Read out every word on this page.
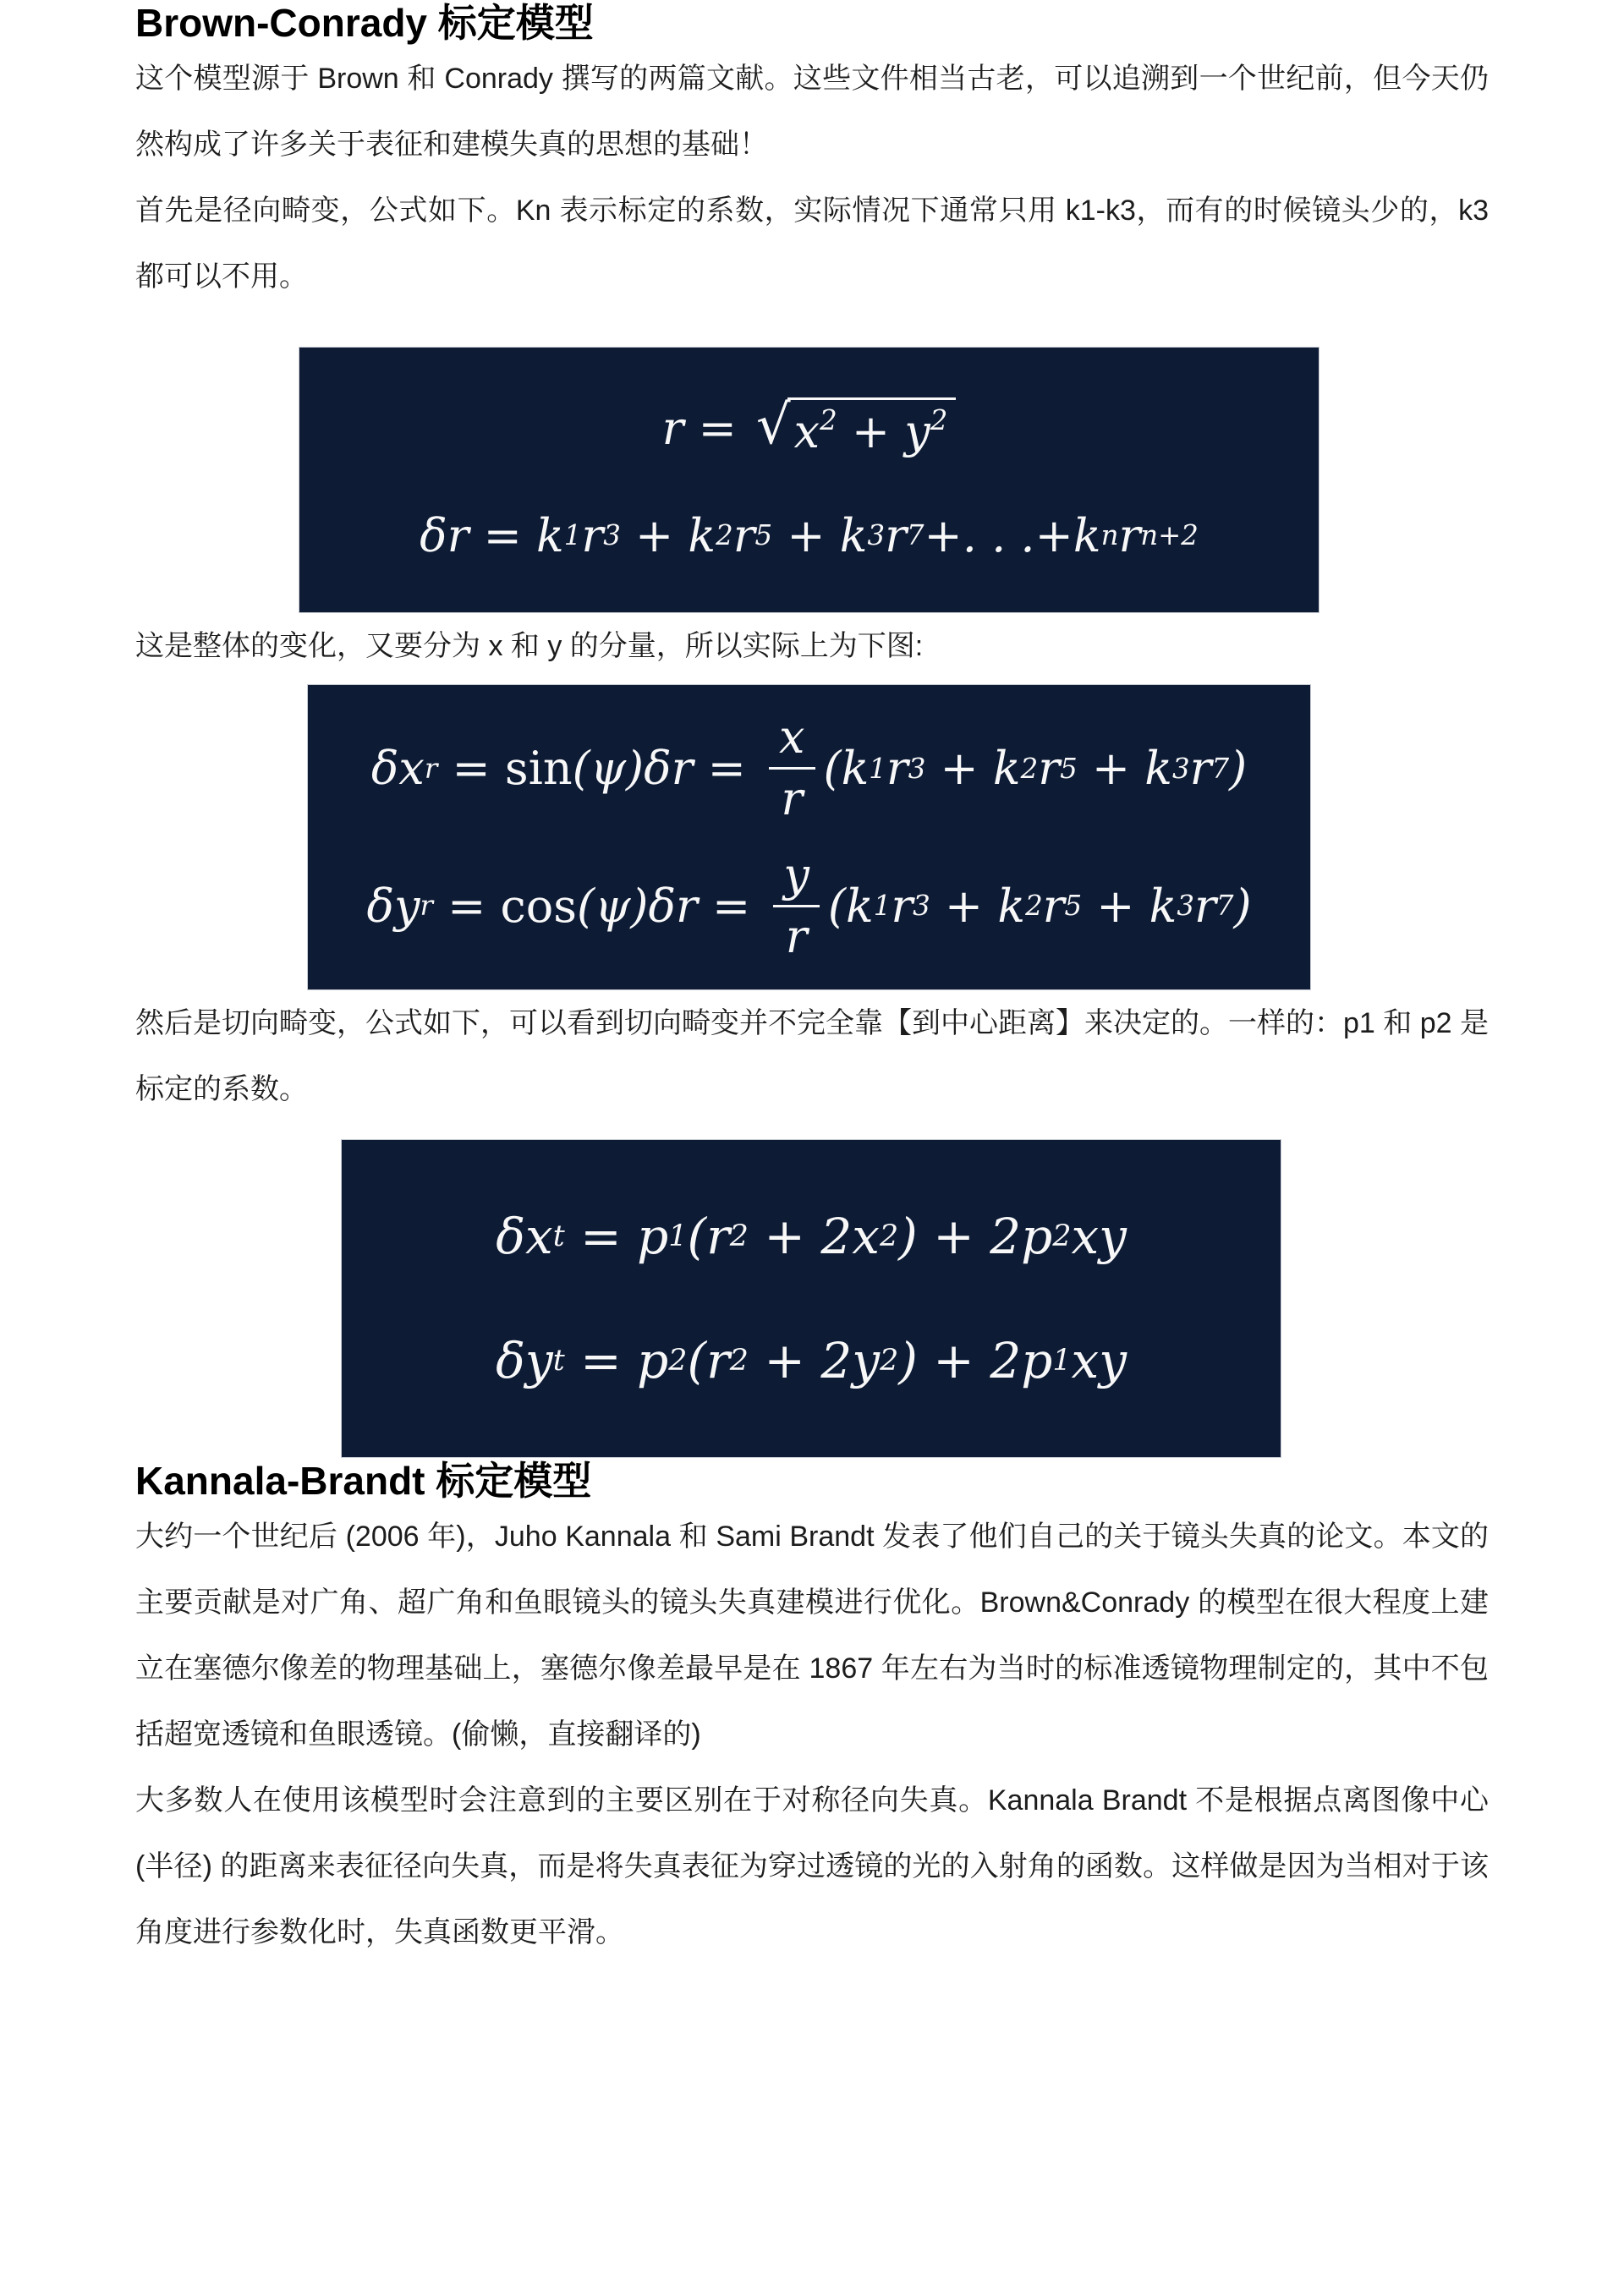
Brown-Conrady 标定模型

这个模型源于 Brown 和 Conrady 撰写的两篇文献。这些文件相当古老，可以追溯到一个世纪前，但今天仍然构成了许多关于表征和建模失真的思想的基础！

首先是径向畸变，公式如下。Kn 表示标定的系数，实际情况下通常只用 k1-k3，而有的时候镜头少的，k3 都可以不用。

r = √ $x^2 + y^2$
δr = k 1 r 3 + k 2 r 5 + k 3 r 7 +. . .+k n r n+2

这是整体的变化，又要分为 x 和 y 的分量，所以实际上为下图:

δx $r = \sin (\psi)\delta r = \frac{x}{r} (k$ 1 r 3 + k 2 r 5 + k 3 r 7 )
δy $r = \cos (\psi)\delta r = \frac{y}{r} (k$ 1 r 3 + k 2 r 5 + k 3 r 7 )

然后是切向畸变，公式如下，可以看到切向畸变并不完全靠【到中心距离】来决定的。一样的：p1 和 p2 是标定的系数。

δx t = p 1 (r 2 + 2x 2 ) + 2p 2 xy
δy t = p 2 (r 2 + 2y 2 ) + 2p 1 xy
Kannala-Brandt 标定模型

大约一个世纪后 (2006 年)，Juho Kannala 和 Sami Brandt 发表了他们自己的关于镜头失真的论文。本文的主要贡献是对广角、超广角和鱼眼镜头的镜头失真建模进行优化。Brown&Conrady 的模型在很大程度上建立在塞德尔像差的物理基础上，塞德尔像差最早是在 1867 年左右为当时的标准透镜物理制定的，其中不包括超宽透镜和鱼眼透镜。(偷懒，直接翻译的)

大多数人在使用该模型时会注意到的主要区别在于对称径向失真。Kannala Brandt 不是根据点离图像中心 (半径) 的距离来表征径向失真，而是将失真表征为穿过透镜的光的入射角的函数。这样做是因为当相对于该角度进行参数化时，失真函数更平滑。
